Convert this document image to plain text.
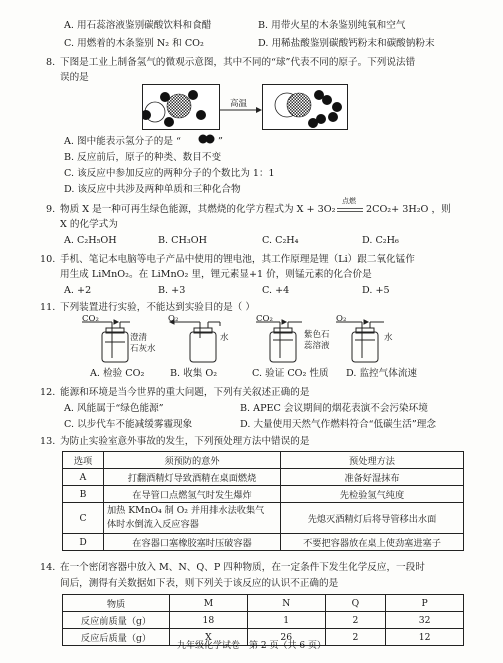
A. 用石蕊溶液鉴别碳酸饮料和食醋	B. 用带火星的木条鉴别纯氧和空气
C. 用燃着的木条鉴别 N₂ 和 CO₂	D. 用稀盐酸鉴别碳酸钙粉末和碳酸钠粉末
8. 下图是工业上制备氢气的微观示意图，其中不同的“球”代表不同的原子。下列说法错
误的是
高温
A. 图中能表示氢分子的是 “	”
B. 反应前后，原子的种类、数目不变
C. 该反应中参加反应的两种分子的个数比为 1：1
D. 该反应中共涉及两种单质和三种化合物
9. 物质 X 是一种可再生绿色能源，其燃烧的化学方程式为 X + 3O₂
点燃
2CO₂+ 3H₂O ，则
X 的化学式为
A. C₂H₅OH	B. CH₃OH	C. C₂H₄	D. C₂H₆
10. 手机、笔记本电脑等电子产品中使用的锂电池，其工作原理是锂（Li）跟二氧化锰作
用生成 LiMnO₂。在 LiMnO₂ 里，锂元素显+1 价，则锰元素的化合价是
A. +2	B. +3	C. +4	D. +5
11. 下列装置进行实验，不能达到实验目的是（ ）
CO₂
澄清
石灰水
O₂
水
CO₂
紫色石
蕊溶液
O₂
水
A. 检验 CO₂	B. 收集 O₂	C. 验证 CO₂ 性质 D. 监控气体流速
12. 能源和环境是当今世界的重大问题，下列有关叙述正确的是
A. 风能属于“绿色能源”	B. APEC 会议期间的烟花表演不会污染环境
C. 以步代车不能减缓雾霾现象	D. 大量使用天然气作燃料符合“低碳生活”理念
13. 为防止实验室意外事故的发生，下列预处理方法中错误的是
选项	须预防的意外	预处理方法
A	打翻酒精灯导致酒精在桌面燃烧	准备好湿抹布
B	在导管口点燃氢气时发生爆炸	先检验氢气纯度
C	加热 KMnO₄ 制 O₂ 并用排水法收集气
体时水倒流入反应容器	先熄灭酒精灯后将导管移出水面
D	在容器口塞橡胶塞时压破容器	不要把容器放在桌上使劲塞进塞子
14. 在一个密闭容器中放入 M、N、Q、P 四种物质，在一定条件下发生化学反应，一段时
间后，测得有关数据如下表，则下列关于该反应的认识不正确的是
物质	M	N	Q	P
反应前质量（g）	18	1	2	32
反应后质量（g）	X	26	2	12
九年级化学试卷　第 2 页（共 6 页）
